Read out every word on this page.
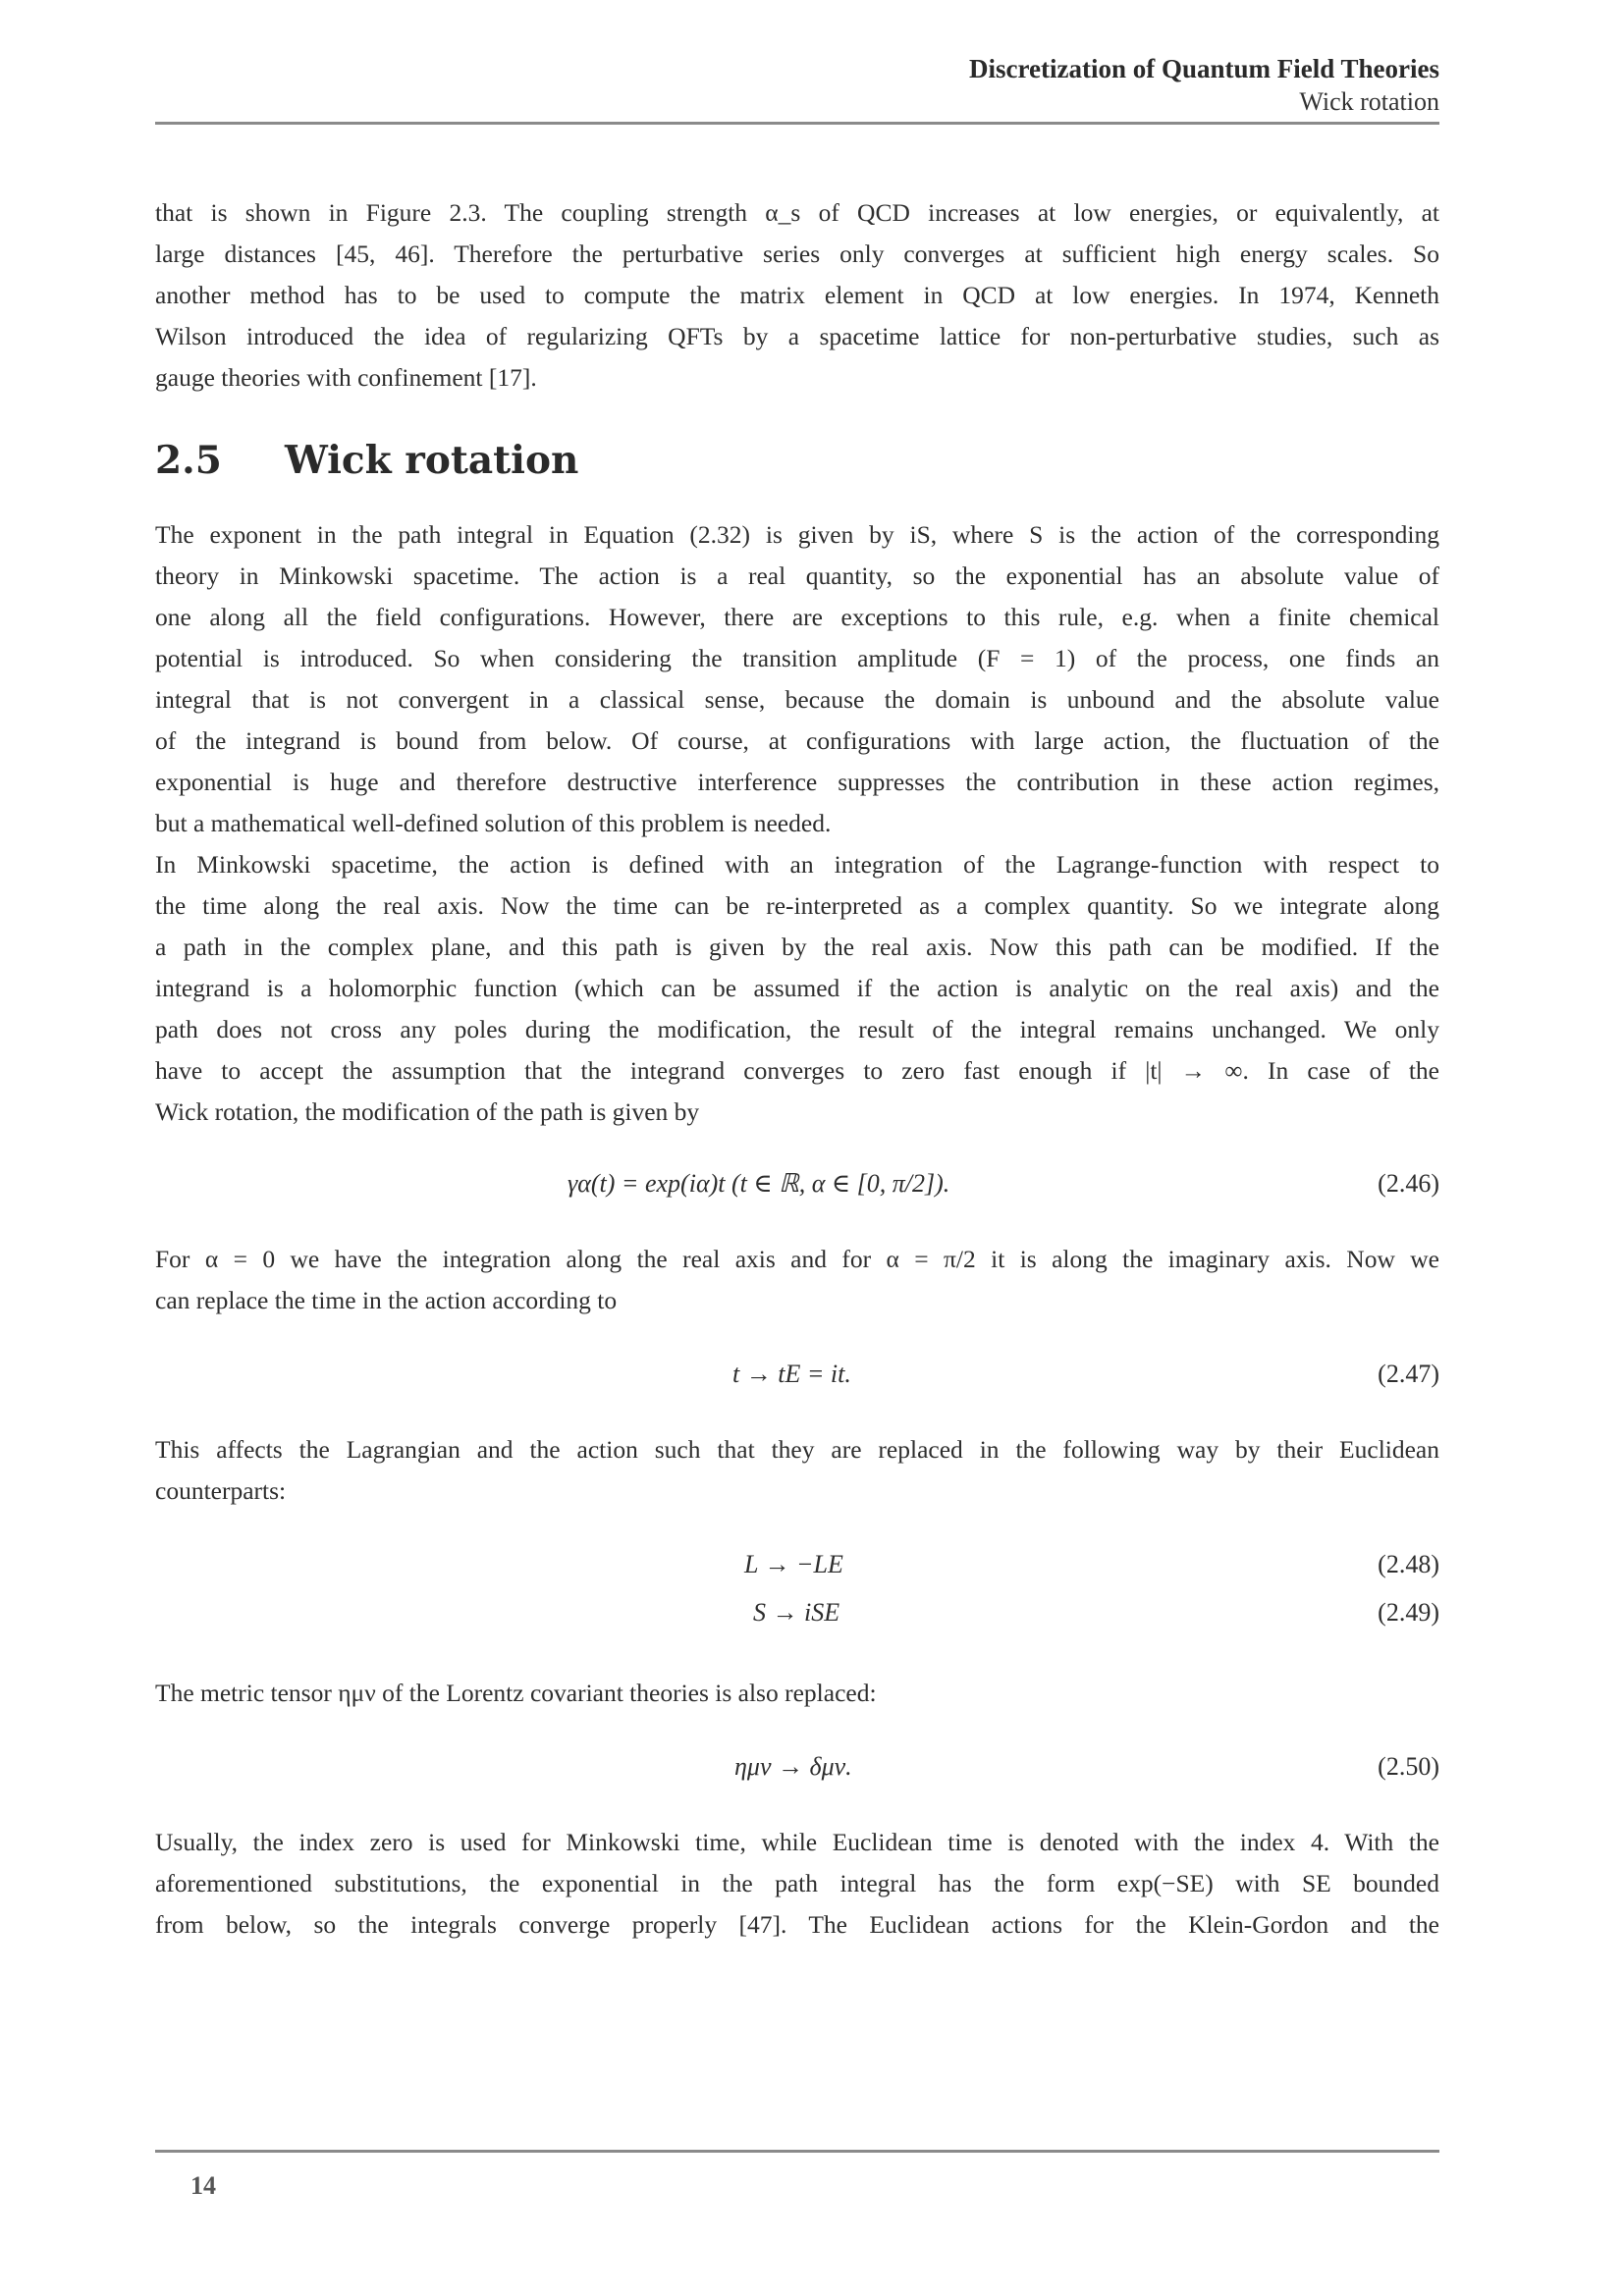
Discretization of Quantum Field Theories
Wick rotation
that is shown in Figure 2.3. The coupling strength α_s of QCD increases at low energies, or equivalently, at
large distances [45, 46]. Therefore the perturbative series only converges at sufficient high energy scales. So
another method has to be used to compute the matrix element in QCD at low energies. In 1974, Kenneth
Wilson introduced the idea of regularizing QFTs by a spacetime lattice for non-perturbative studies, such as
gauge theories with confinement [17].
2.5 Wick rotation
The exponent in the path integral in Equation (2.32) is given by iS, where S is the action of the corresponding
theory in Minkowski spacetime. The action is a real quantity, so the exponential has an absolute value of
one along all the field configurations. However, there are exceptions to this rule, e.g. when a finite chemical
potential is introduced. So when considering the transition amplitude (F = 1) of the process, one finds an
integral that is not convergent in a classical sense, because the domain is unbound and the absolute value
of the integrand is bound from below. Of course, at configurations with large action, the fluctuation of the
exponential is huge and therefore destructive interference suppresses the contribution in these action regimes,
but a mathematical well-defined solution of this problem is needed.
In Minkowski spacetime, the action is defined with an integration of the Lagrange-function with respect to
the time along the real axis. Now the time can be re-interpreted as a complex quantity. So we integrate along
a path in the complex plane, and this path is given by the real axis. Now this path can be modified. If the
integrand is a holomorphic function (which can be assumed if the action is analytic on the real axis) and the
path does not cross any poles during the modification, the result of the integral remains unchanged. We only
have to accept the assumption that the integrand converges to zero fast enough if |t| → ∞. In case of the
Wick rotation, the modification of the path is given by
γα(t) = exp(iα)t (t ∈ ℝ, α ∈ [0, π/2]).	(2.46)
For α = 0 we have the integration along the real axis and for α = π/2 it is along the imaginary axis. Now we
can replace the time in the action according to
t → tE = it.	(2.47)
This affects the Lagrangian and the action such that they are replaced in the following way by their Euclidean
counterparts:
L → −LE	(2.48)
S → iSE	(2.49)
The metric tensor ημν of the Lorentz covariant theories is also replaced:
ημν → δμν.	(2.50)
Usually, the index zero is used for Minkowski time, while Euclidean time is denoted with the index 4. With the
aforementioned substitutions, the exponential in the path integral has the form exp(−SE) with SE bounded
from below, so the integrals converge properly [47]. The Euclidean actions for the Klein-Gordon and the
14
